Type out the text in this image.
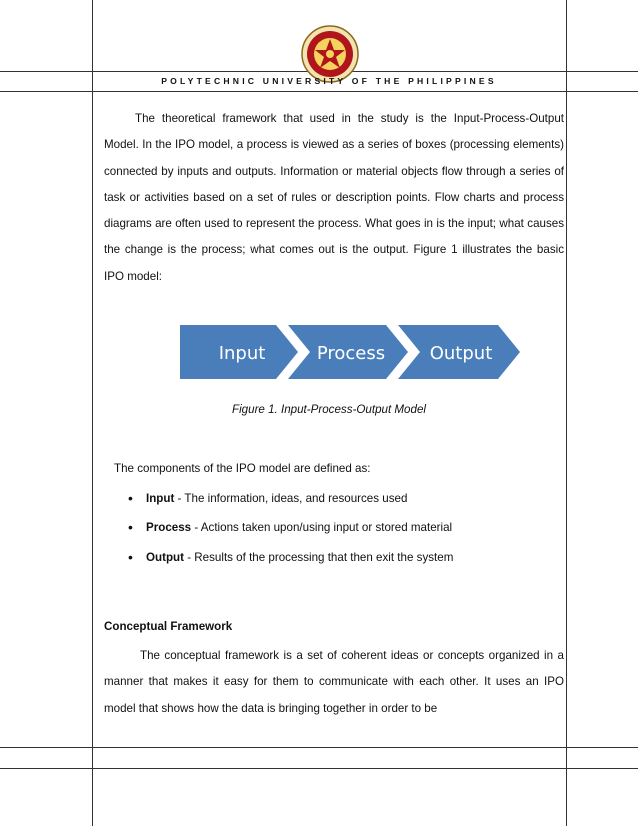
POLYTECHNIC UNIVERSITY OF THE PHILIPPINES

The theoretical framework that used in the study is the Input-Process-Output Model. In the IPO model, a process is viewed as a series of boxes (processing elements) connected by inputs and outputs. Information or material objects flow through a series of task or activities based on a set of rules or description points. Flow charts and process diagrams are often used to represent the process. What goes in is the input; what causes the change is the process; what comes out is the output. Figure 1 illustrates the basic IPO model:

Input	Process Output
Figure 1. Input-Process-Output Model
The components of the IPO model are defined as:
• Input - The information, ideas, and resources used
• Process - Actions taken upon/using input or stored material
• Output - Results of the processing that then exit the system
Conceptual Framework

The conceptual framework is a set of coherent ideas or concepts organized in a manner that makes it easy for them to communicate with each other. It uses an IPO model that shows how the data is bringing together in order to be
